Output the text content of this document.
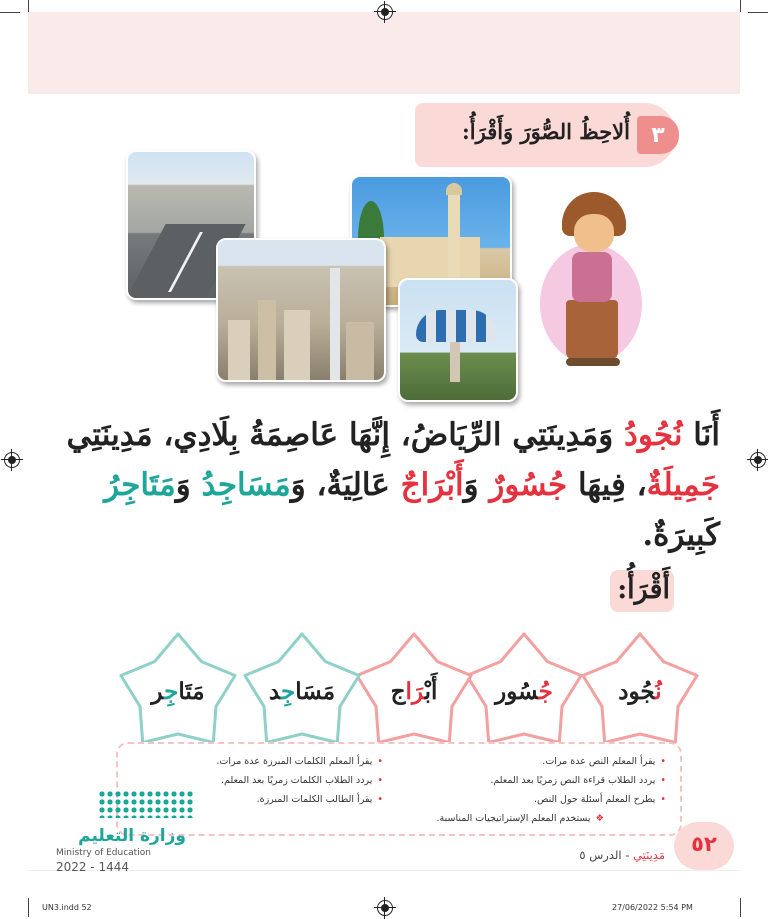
٣
أُلاحِظُ الصُّوَرَ وَأَقْرَأُ:
أَنَا نُجُودُ وَمَدِينَتِي الرِّيَاضُ، إِنَّهَا عَاصِمَةُ بِلَادِي، مَدِينَتِي
جَمِيلَةٌ، فِيهَا جُسُورٌ وَأَبْرَاجٌ عَالِيَةٌ، وَمَسَاجِدُ وَمَتَاجِرُ
كَبِيرَةٌ.
أَقْرَأُ:
نُجُود
جُسُور
أَبْرَاج
مَسَاجِد
مَتَاجِر
•يقرأ المعلم النص عدة مرات.
•يردد الطلاب قراءة النص زمريًا بعد المعلم.
•يطرح المعلم أسئلة حول النص.
❖يستخدم المعلم الإستراتيجيات المناسبة.
•يقرأ المعلم الكلمات المبرزة عدة مرات.
•يردد الطلاب الكلمات زمريًا بعد المعلم.
•يقرأ الطالب الكلمات المبرزة.
٥٢
مَدِينَتِي - الدرس ٥
وزارة التعليم
Ministry of Education
2022 - 1444
UN3.indd 52	27/06/2022 5:54 PM
